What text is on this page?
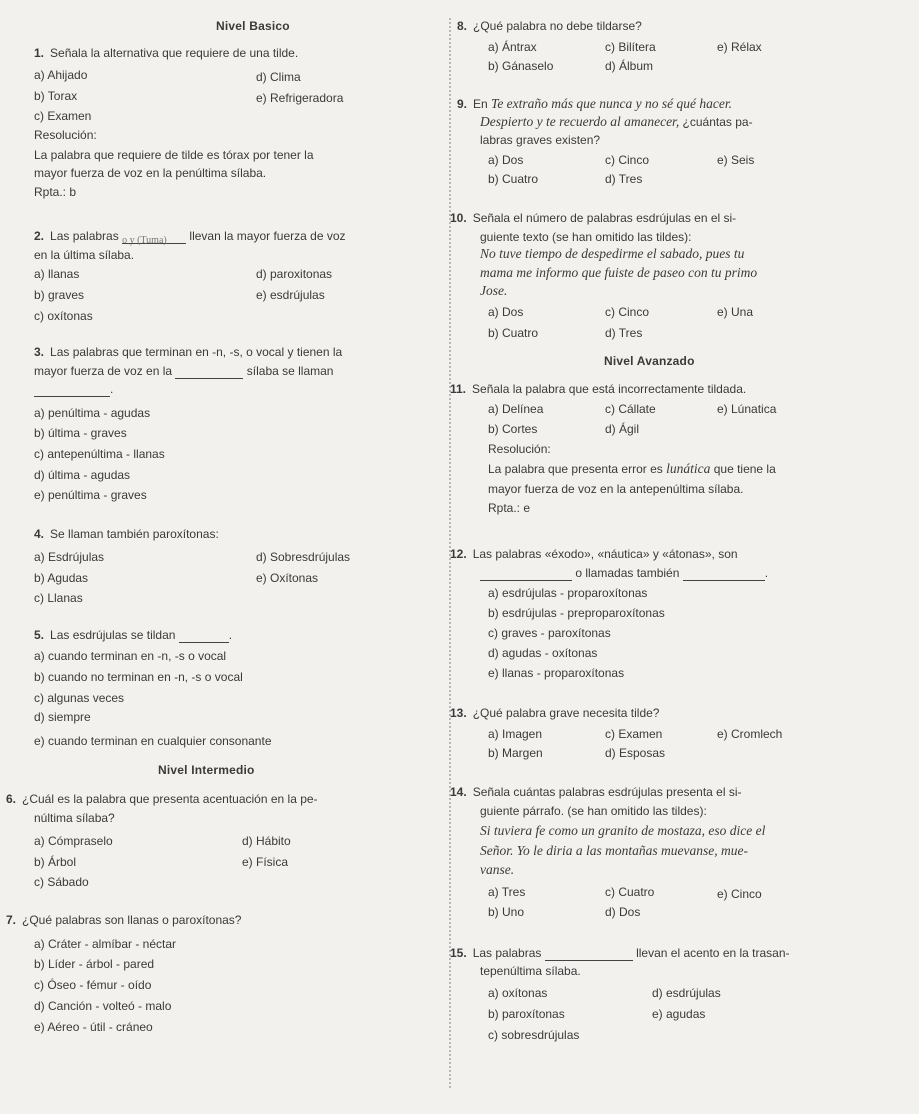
Nivel Basico
1. Señala la alternativa que requiere de una tilde.
a) Ahijado	d) Clima
b) Torax	e) Refrigeradora
c) Examen
Resolución:
La palabra que requiere de tilde es tórax por tener la
mayor fuerza de voz en la penúltima sílaba.
Rpta.: b
2. Las palabras o y (Tuma) llevan la mayor fuerza de voz
en la última sílaba.
a) llanas	d) paroxitonas
b) graves	e) esdrújulas
c) oxítonas
3. Las palabras que terminan en -n, -s, o vocal y tienen la
mayor fuerza de voz en la	sílaba se llaman
.
a) penúltima - agudas
b) última - graves
c) antepenúltima - llanas
d) última - agudas
e) penúltima - graves
4. Se llaman también paroxítonas:
a) Esdrújulas	d) Sobresdrújulas
b) Agudas	e) Oxítonas
c) Llanas
5. Las esdrújulas se tildan	.
a) cuando terminan en -n, -s o vocal
b) cuando no terminan en -n, -s o vocal
c) algunas veces
d) siempre
e) cuando terminan en cualquier consonante
Nivel Intermedio
6. ¿Cuál es la palabra que presenta acentuación en la pe-
núltima sílaba?
a) Cómpraselo	d) Hábito
b) Árbol	e) Física
c) Sábado
7. ¿Qué palabras son llanas o paroxítonas?
a) Cráter - almíbar - néctar
b) Líder - árbol - pared
c) Óseo - fémur - oído
d) Canción - volteó - malo
e) Aéreo - útil - cráneo
8. ¿Qué palabra no debe tildarse?
a) Ántrax	c) Bilítera	e) Rélax
b) Gánaselo	d) Álbum
9. En Te extraño más que nunca y no sé qué hacer.
Despierto y te recuerdo al amanecer, ¿cuántas pa-
labras graves existen?
a) Dos	c) Cinco	e) Seis
b) Cuatro	d) Tres
10. Señala el número de palabras esdrújulas en el si-
guiente texto (se han omitido las tildes):
No tuve tiempo de despedirme el sabado, pues tu
mama me informo que fuiste de paseo con tu primo
Jose.
a) Dos	c) Cinco	e) Una
b) Cuatro	d) Tres
Nivel Avanzado
11. Señala la palabra que está incorrectamente tildada.
a) Delínea	c) Cállate	e) Lúnatica
b) Cortes	d) Ágil
Resolución:
La palabra que presenta error es lunática que tiene la
mayor fuerza de voz en la antepenúltima sílaba.
Rpta.: e
12. Las palabras «éxodo», «náutica» y «átonas», son
o llamadas también	.
a) esdrújulas - proparoxítonas
b) esdrújulas - preproparoxítonas
c) graves - paroxítonas
d) agudas - oxítonas
e) llanas - proparoxítonas
13. ¿Qué palabra grave necesita tilde?
a) Imagen	c) Examen	e) Cromlech
b) Margen	d) Esposas
14. Señala cuántas palabras esdrújulas presenta el si-
guiente párrafo. (se han omitido las tildes):
Si tuviera fe como un granito de mostaza, eso dice el
Señor. Yo le diria a las montañas muevanse, mue-
vanse.
a) Tres	c) Cuatro	e) Cinco
b) Uno	d) Dos
15. Las palabras	llevan el acento en la trasan-
tepenúltima sílaba.
a) oxítonas	d) esdrújulas
b) paroxítonas	e) agudas
c) sobresdrújulas
